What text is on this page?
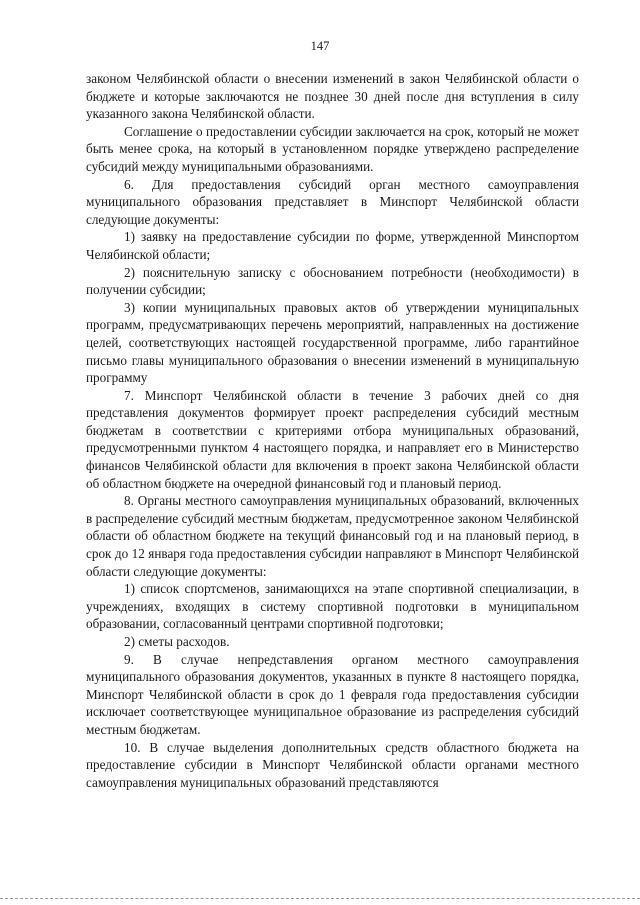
147

законом Челябинской области о внесении изменений в закон Челябинской области о бюджете и которые заключаются не позднее 30 дней после дня вступления в силу указанного закона Челябинской области.

Соглашение о предоставлении субсидии заключается на срок, который не может быть менее срока, на который в установленном порядке утверждено распределение субсидий между муниципальными образованиями.

6. Для предоставления субсидий орган местного самоуправления муниципального образования представляет в Минспорт Челябинской области следующие документы:

1) заявку на предоставление субсидии по форме, утвержденной Минспортом Челябинской области;

2) пояснительную записку с обоснованием потребности (необходимости) в получении субсидии;

3) копии муниципальных правовых актов об утверждении муниципальных программ, предусматривающих перечень мероприятий, направленных на достижение целей, соответствующих настоящей государственной программе, либо гарантийное письмо главы муниципального образования о внесении изменений в муниципальную программу

7. Минспорт Челябинской области в течение 3 рабочих дней со дня представления документов формирует проект распределения субсидий местным бюджетам в соответствии с критериями отбора муниципальных образований, предусмотренными пунктом 4 настоящего порядка, и направляет его в Министерство финансов Челябинской области для включения в проект закона Челябинской области об областном бюджете на очередной финансовый год и плановый период.

8. Органы местного самоуправления муниципальных образований, включенных в распределение субсидий местным бюджетам, предусмотренное законом Челябинской области об областном бюджете на текущий финансовый год и на плановый период, в срок до 12 января года предоставления субсидии направляют в Минспорт Челябинской области следующие документы:

1) список спортсменов, занимающихся на этапе спортивной специализации, в учреждениях, входящих в систему спортивной подготовки в муниципальном образовании, согласованный центрами спортивной подготовки;

2) сметы расходов.

9. В случае непредставления органом местного самоуправления муниципального образования документов, указанных в пункте 8 настоящего порядка, Минспорт Челябинской области в срок до 1 февраля года предоставления субсидии исключает соответствующее муниципальное образование из распределения субсидий местным бюджетам.

10. В случае выделения дополнительных средств областного бюджета на предоставление субсидии в Минспорт Челябинской области органами местного самоуправления муниципальных образований представляются
